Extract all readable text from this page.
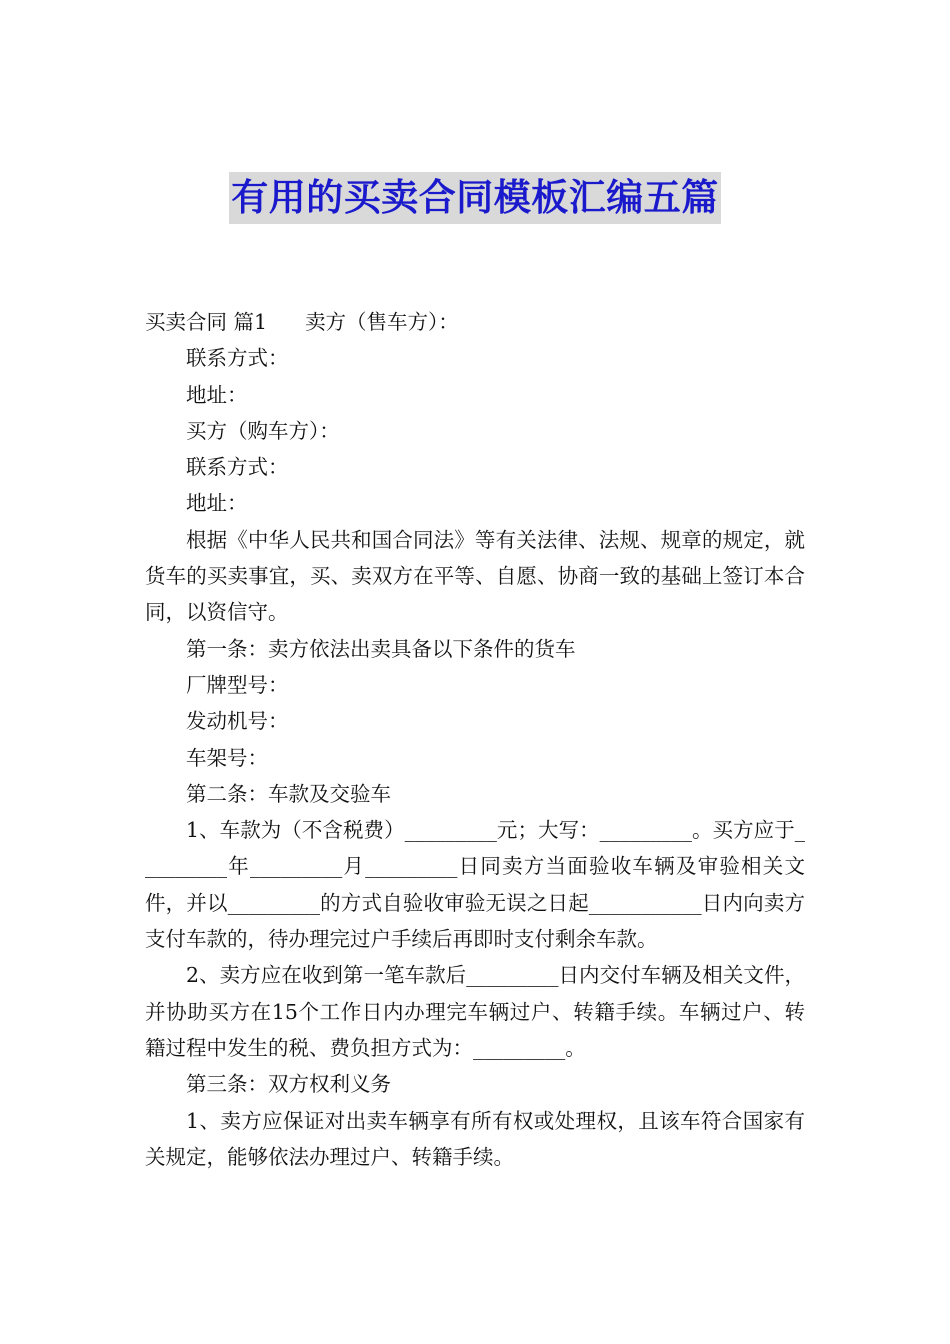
有用的买卖合同模板汇编五篇

买卖合同 篇1 卖方（售车方）：

联系方式：

地址：

买方（购车方）：

联系方式：

地址：

根据《中华人民共和国合同法》等有关法律、法规、规章的规定，就货车的买卖事宜，买、卖双方在平等、自愿、协商一致的基础上签订本合同，以资信守。

第一条：卖方依法出卖具备以下条件的货车

厂牌型号：

发动机号：

车架号：

第二条：车款及交验车

1、车款为（不含税费）_________元；大写：_________。买方应于_________年_________月_________日同卖方当面验收车辆及审验相关文件，并以_________的方式自验收审验无误之日起___________日内向卖方支付车款的，待办理完过户手续后再即时支付剩余车款。

2、卖方应在收到第一笔车款后_________日内交付车辆及相关文件，并协助买方在15个工作日内办理完车辆过户、转籍手续。车辆过户、转籍过程中发生的税、费负担方式为：_________。

第三条：双方权利义务

1、卖方应保证对出卖车辆享有所有权或处理权，且该车符合国家有关规定，能够依法办理过户、转籍手续。
